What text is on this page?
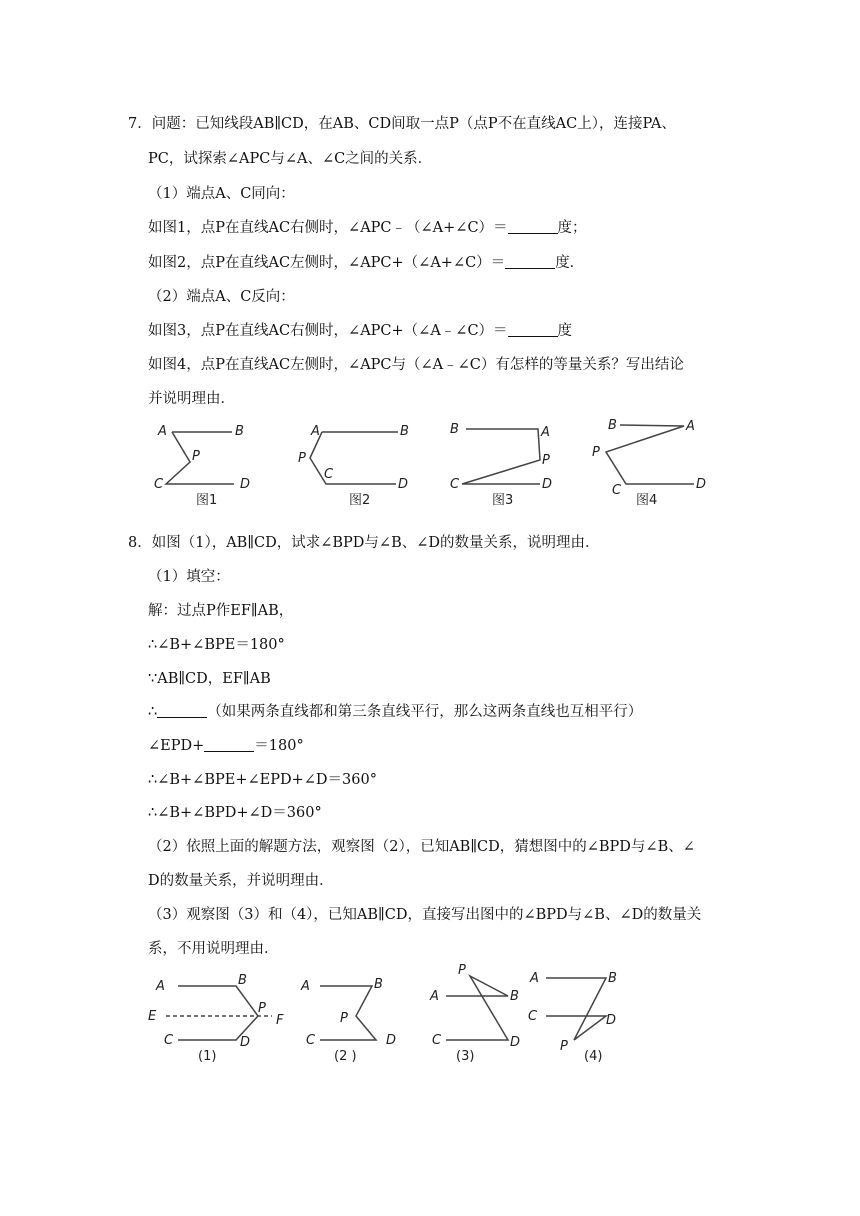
7．问题：已知线段AB∥CD，在AB、CD间取一点P（点P不在直线AC上），连接PA、
PC，试探索∠APC与∠A、∠C之间的关系．
（1）端点A、C同向：
如图1，点P在直线AC右侧时，∠APC﹣（∠A+∠C）＝	度；
如图2，点P在直线AC左侧时，∠APC+（∠A+∠C）＝	度．
（2）端点A、C反向：
如图3，点P在直线AC右侧时，∠APC+（∠A﹣∠C）＝	度
如图4，点P在直线AC左侧时，∠APC与（∠A﹣∠C）有怎样的等量关系？写出结论
并说明理由．
A	B
P
C	D
图1
A	B
P
C
D
图2
B	A
P
C	D
图3
B	A
P
C	D
图4
8．如图（1），AB∥CD，试求∠BPD与∠B、∠D的数量关系，说明理由．
（1）填空：
解：过点P作EF∥AB，
∴∠B+∠BPE＝180°
∵AB∥CD，EF∥AB
∴	（如果两条直线都和第三条直线平行，那么这两条直线也互相平行）
∠EPD+	＝180°
∴∠B+∠BPE+∠EPD+∠D＝360°
∴∠B+∠BPD+∠D＝360°
（2）依照上面的解题方法，观察图（2），已知AB∥CD，猜想图中的∠BPD与∠B、∠
D的数量关系，并说明理由．
（3）观察图（3）和（4），已知AB∥CD，直接写出图中的∠BPD与∠B、∠D的数量关
系，不用说明理由．
A	B
E
P
F
C	D
(1)
A	B
P
C	D
(2 )
P
A	B
C	D
(3)
A	B
C	D
P
(4)
